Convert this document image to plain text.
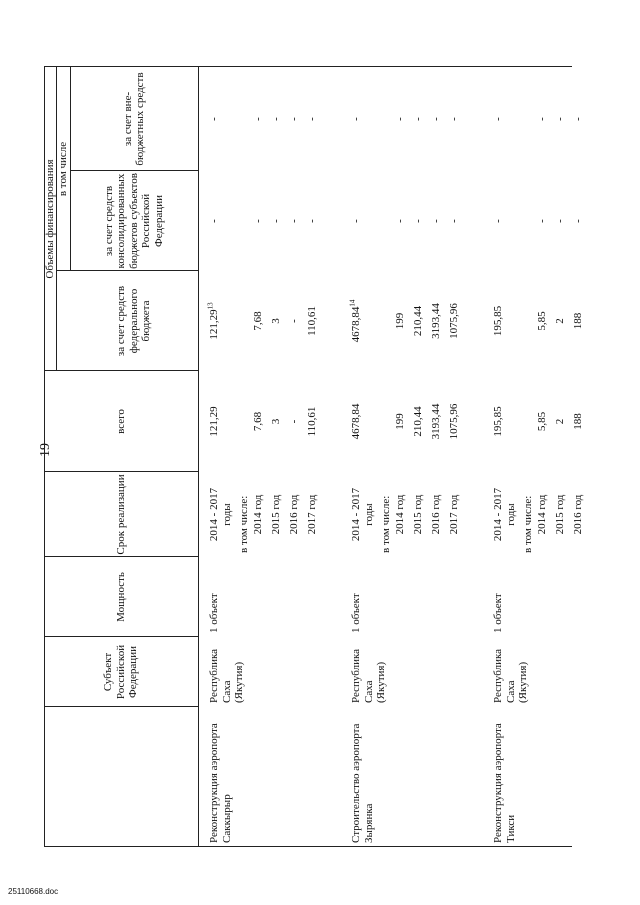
19
Субъект Российской Федерации
Мощность
Срок реализации
всего
Объемы финансирования в том числе
за счет средств федерального бюджета
за счет средств консолидированных бюджетов субъектов Российской Федерации
за счет вне-бюджетных средств
Реконструкция аэропорта Саккырыр
Республика Саха (Якутия)
1 объект
2014 - 2017 годы
121,29
121,29$^{13}$
-
-
в том числе: 2014 год
7,68
7,68
-
-
2015 год
3
3
-
-
2016 год
-
-
-
-
2017 год
110,61
110,61
-
-
Строительство аэропорта Зырянка
Республика Саха (Якутия)
1 объект
2014 - 2017 годы
4678,84
4678,84$^{14}$
-
-
в том числе: 2014 год
199
199
-
-
2015 год
210,44
210,44
-
-
2016 год
3193,44
3193,44
-
-
2017 год
1075,96
1075,96
-
-
Реконструкция аэропорта Тикси
Республика Саха (Якутия)
1 объект
2014 - 2017 годы
195,85
195,85
-
-
в том числе: 2014 год
5,85
5,85
-
-
2015 год
2
2
-
-
2016 год
188
188
-
-
25110668.doc
